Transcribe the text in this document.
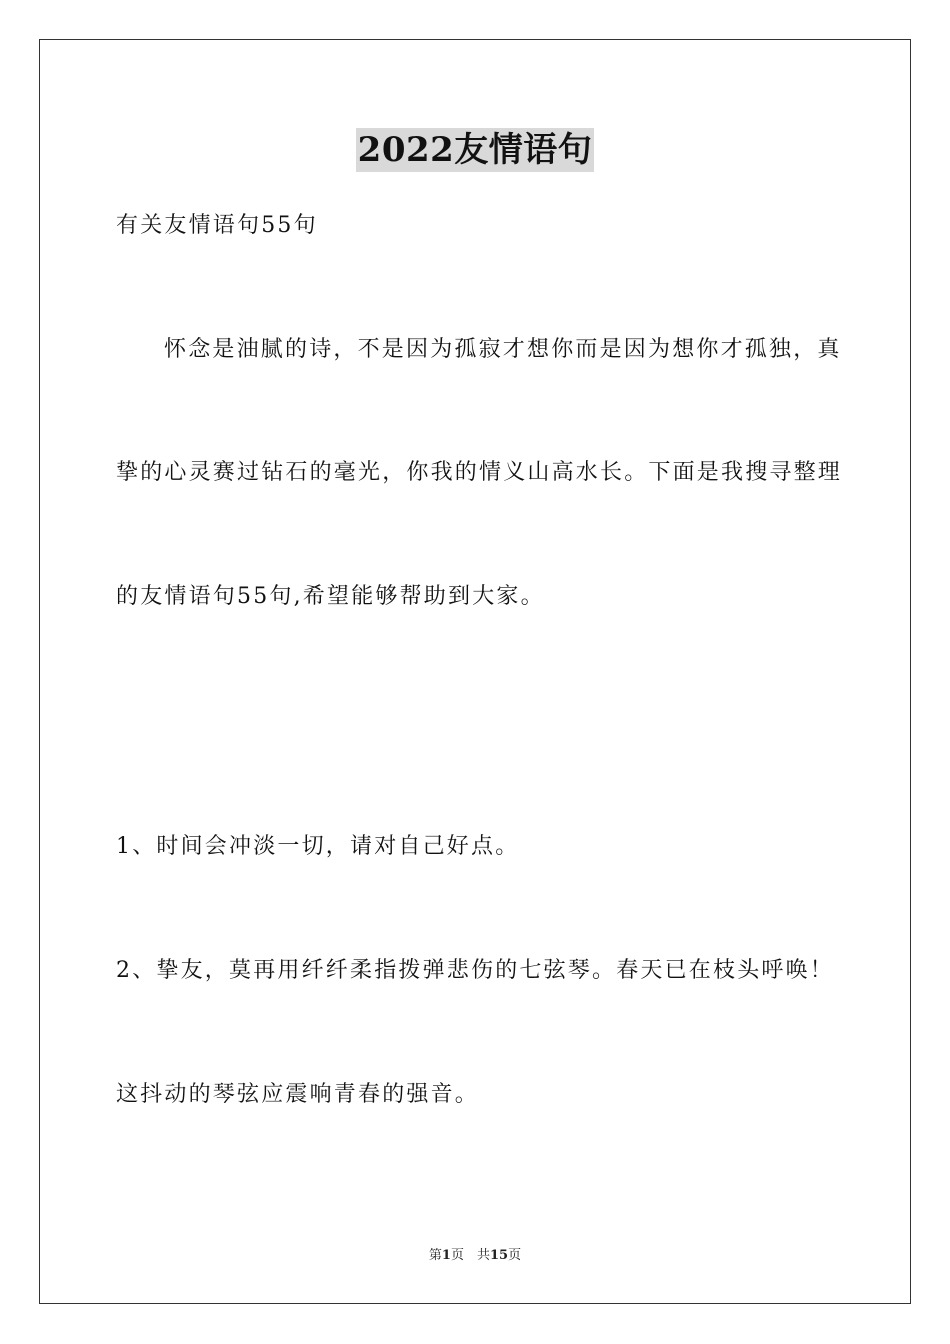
2022友情语句
有关友情语句55句
怀念是油腻的诗，不是因为孤寂才想你而是因为想你才孤独，真
挚的心灵赛过钻石的毫光，你我的情义山高水长。下面是我搜寻整理
的友情语句55句,希望能够帮助到大家。
1、时间会冲淡一切，请对自己好点。
2、挚友，莫再用纤纤柔指拨弹悲伤的七弦琴。春天已在枝头呼唤！
这抖动的琴弦应震响青春的强音。
第1页　共15页
